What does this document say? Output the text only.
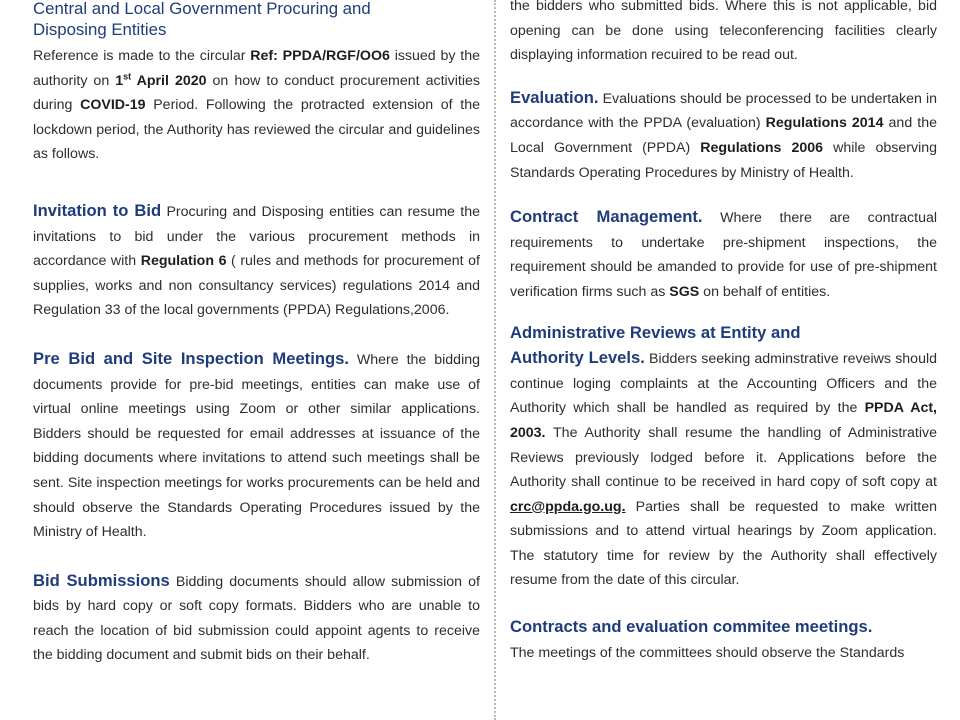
Central and Local Government Procuring and
Disposing Entities

Reference is made to the circular Ref: PPDA/RGF/OO6 issued by the authority on 1st April 2020 on how to conduct procurement activities during COVID-19 Period. Following the protracted extension of the lockdown period, the Authority has reviewed the circular and guidelines as follows.

Invitation to Bid Procuring and Disposing entities can resume the invitations to bid under the various procurement methods in accordance with Regulation 6 ( rules and methods for procurement of supplies, works and non consultancy services) regulations 2014 and Regulation 33 of the local governments (PPDA) Regulations,2006.

Pre Bid and Site Inspection Meetings. Where the bidding documents provide for pre-bid meetings, entities can make use of virtual online meetings using Zoom or other similar applications. Bidders should be requested for email addresses at issuance of the bidding documents where invitations to attend such meetings shall be sent. Site inspection meetings for works procurements can be held and should observe the Standards Operating Procedures issued by the Ministry of Health.

Bid Submissions Bidding documents should allow submission of bids by hard copy or soft copy formats. Bidders who are unable to reach the location of bid submission could appoint agents to receive the bidding document and submit bids on their behalf.

the bidders who submitted bids. Where this is not applicable, bid opening can be done using teleconferencing facilities clearly displaying information recuired to be read out.

Evaluation. Evaluations should be processed to be undertaken in accordance with the PPDA (evaluation) Regulations 2014 and the Local Government (PPDA) Regulations 2006 while observing Standards Operating Procedures by Ministry of Health.

Contract Management. Where there are contractual requirements to undertake pre-shipment inspections, the requirement should be amanded to provide for use of pre-shipment verification firms such as SGS on behalf of entities.

Administrative Reviews at Entity and
Authority Levels. Bidders seeking adminstrative reveiws should continue loging complaints at the Accounting Officers and the Authority which shall be handled as required by the PPDA Act, 2003. The Authority shall resume the handling of Administrative Reviews previously lodged before it. Applications before the Authority shall continue to be received in hard copy of soft copy at crc@ppda.go.ug. Parties shall be requested to make written submissions and to attend virtual hearings by Zoom application. The statutory time for review by the Authority shall effectively resume from the date of this circular.

Contracts and evaluation commitee meetings.
The meetings of the committees should observe the Standards
